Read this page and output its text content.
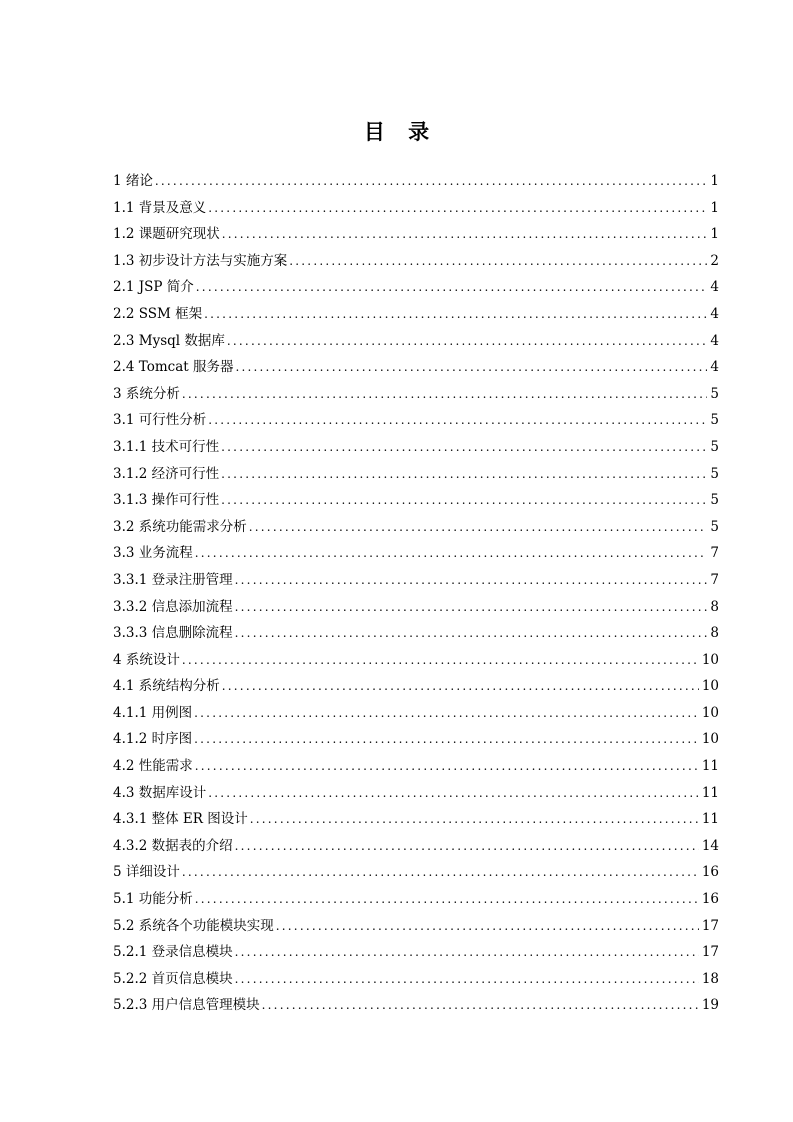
目 录
1 绪论 .....	1
1.1 背景及意义 .....	1
1.2 课题研究现状 .....	1
1.3 初步设计方法与实施方案 .....	2
2.1 JSP 简介 .....	4
2.2 SSM 框架 .....	4
2.3 Mysql 数据库 .....	4
2.4 Tomcat 服务器 .....	4
3 系统分析 .....	5
3.1 可行性分析 .....	5
3.1.1 技术可行性 .....	5
3.1.2 经济可行性 .....	5
3.1.3 操作可行性 .....	5
3.2 系统功能需求分析 .....	5
3.3 业务流程 .....	7
3.3.1 登录注册管理 .....	7
3.3.2 信息添加流程 .....	8
3.3.3 信息删除流程 .....	8
4 系统设计 .....	10
4.1 系统结构分析 .....	10
4.1.1 用例图 .....	10
4.1.2 时序图 .....	10
4.2 性能需求 .....	11
4.3 数据库设计 .....	11
4.3.1 整体 ER 图设计 .....	11
4.3.2 数据表的介绍 .....	14
5 详细设计 .....	16
5.1 功能分析 .....	16
5.2 系统各个功能模块实现 .....	17
5.2.1 登录信息模块 .....	17
5.2.2 首页信息模块 .....	18
5.2.3 用户信息管理模块 .....	19
